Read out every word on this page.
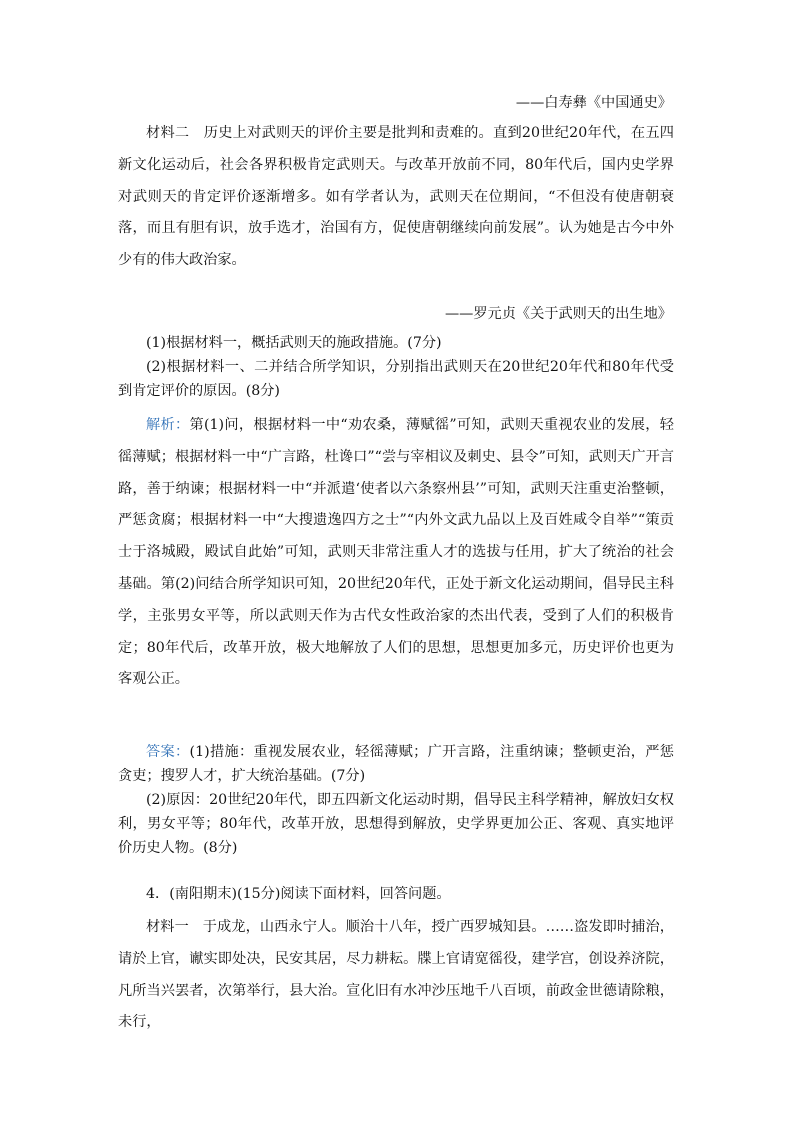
——白寿彝《中国通史》
材料二 历史上对武则天的评价主要是批判和责难的。直到20世纪20年代，在五四新文化运动后，社会各界积极肯定武则天。与改革开放前不同，80年代后，国内史学界对武则天的肯定评价逐渐增多。如有学者认为，武则天在位期间，“不但没有使唐朝衰落，而且有胆有识，放手选才，治国有方，促使唐朝继续向前发展”。认为她是古今中外少有的伟大政治家。
——罗元贞《关于武则天的出生地》

(1)根据材料一，概括武则天的施政措施。(7分)

(2)根据材料一、二并结合所学知识，分别指出武则天在20世纪20年代和80年代受到肯定评价的原因。(8分)

解析：第(1)问，根据材料一中“劝农桑，薄赋徭”可知，武则天重视农业的发展，轻徭薄赋；根据材料一中“广言路，杜谗口”“尝与宰相议及刺史、县令”可知，武则天广开言路，善于纳谏；根据材料一中“并派遣‘使者以六条察州县’”可知，武则天注重吏治整顿，严惩贪腐；根据材料一中“大搜遗逸四方之士”“内外文武九品以上及百姓咸令自举”“策贡士于洛城殿，殿试自此始”可知，武则天非常注重人才的选拔与任用，扩大了统治的社会基础。第(2)问结合所学知识可知，20世纪20年代，正处于新文化运动期间，倡导民主科学，主张男女平等，所以武则天作为古代女性政治家的杰出代表，受到了人们的积极肯定；80年代后，改革开放，极大地解放了人们的思想，思想更加多元，历史评价也更为客观公正。

答案：(1)措施：重视发展农业，轻徭薄赋；广开言路，注重纳谏；整顿吏治，严惩贪吏；搜罗人才，扩大统治基础。(7分)

(2)原因：20世纪20年代，即五四新文化运动时期，倡导民主科学精神，解放妇女权利，男女平等；80年代，改革开放，思想得到解放，史学界更加公正、客观、真实地评价历史人物。(8分)

4．(南阳期末)(15分)阅读下面材料，回答问题。

材料一 于成龙，山西永宁人。顺治十八年，授广西罗城知县。……盗发即时捕治，请於上官，谳实即处决，民安其居，尽力耕耘。牒上官请宽徭役，建学宫，创设养济院，凡所当兴罢者，次第举行，县大治。宣化旧有水冲沙压地千八百顷，前政金世德请除粮，未行，
